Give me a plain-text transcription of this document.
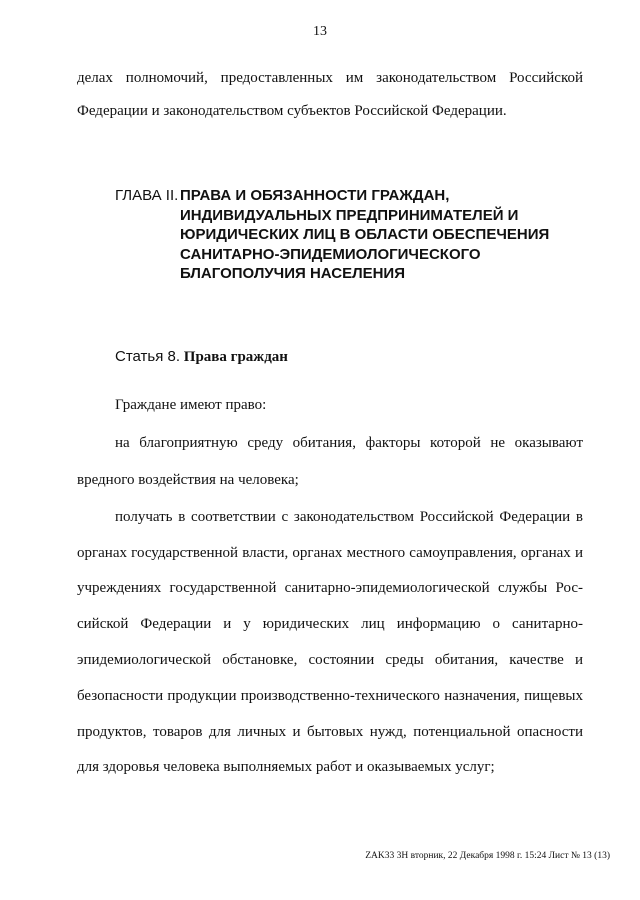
13
делах полномочий, предоставленных им законодательством Российской
Федерации и законодательством субъектов Российской Федерации.
ГЛАВА II. ПРАВА И ОБЯЗАННОСТИ ГРАЖДАН,
ИНДИВИДУАЛЬНЫХ ПРЕДПРИНИМАТЕЛЕЙ И
ЮРИДИЧЕСКИХ ЛИЦ В ОБЛАСТИ ОБЕСПЕЧЕНИЯ
САНИТАРНО-ЭПИДЕМИОЛОГИЧЕСКОГО
БЛАГОПОЛУЧИЯ НАСЕЛЕНИЯ
Статья 8. Права граждан
Граждане имеют право:
на благоприятную среду обитания, факторы которой не оказывают
вредного воздействия на человека;
получать в соответствии с законодательством Российской Федерации в
органах государственной власти, органах местного самоуправления, органах и
учреждениях государственной санитарно-эпидемиологической службы Рос-
сийской Федерации и у юридических лиц информацию о санитарно-
эпидемиологической обстановке, состоянии среды обитания, качестве и
безопасности продукции производственно-технического назначения, пищевых
продуктов, товаров для личных и бытовых нужд, потенциальной опасности
для здоровья человека выполняемых работ и оказываемых услуг;
ZAK33 3H вторник, 22 Декабря 1998 г. 15:24 Лист № 13 (13)
